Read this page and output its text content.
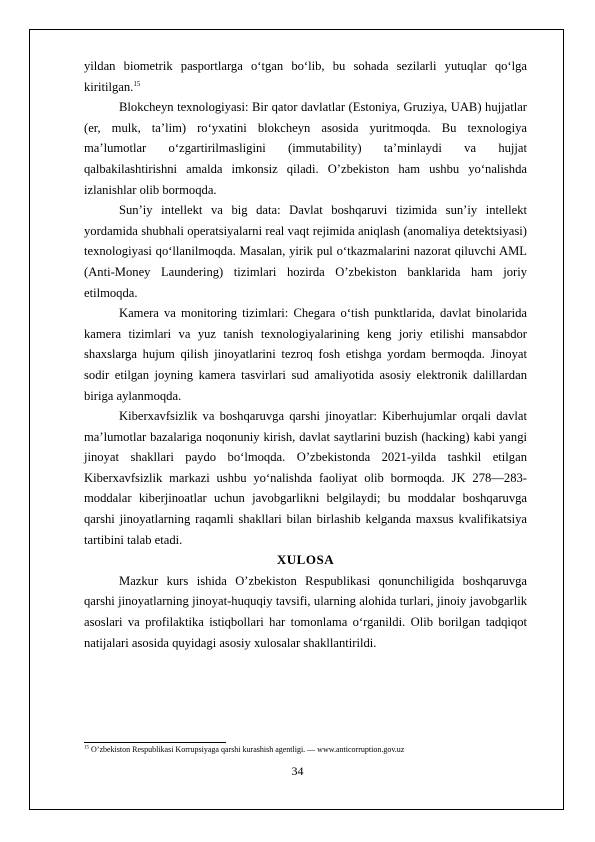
yildan biometrik pasportlarga o‘tgan bo‘lib, bu sohada sezilarli yutuqlar qo‘lga kiritilgan.$^{15}$

Blokcheyn texnologiyasi: Bir qator davlatlar (Estoniya, Gruziya, UAB) hujjatlar (er, mulk, ta’lim) ro‘yxatini blokcheyn asosida yuritmoqda. Bu texnologiya ma’lumotlar o‘zgartirilmasligini (immutability) ta’minlaydi va hujjat qalbakilashtirishni amalda imkonsiz qiladi. O’zbekiston ham ushbu yo‘nalishda izlanishlar olib bormoqda.

Sun’iy intellekt va big data: Davlat boshqaruvi tizimida sun’iy intellekt yordamida shubhali operatsiyalarni real vaqt rejimida aniqlash (anomaliya detektsiyasi) texnologiyasi qo‘llanilmoqda. Masalan, yirik pul o‘tkazmalarini nazorat qiluvchi AML (Anti-Money Laundering) tizimlari hozirda O’zbekiston banklarida ham joriy etilmoqda.

Kamera va monitoring tizimlari: Chegara o‘tish punktlarida, davlat binolarida kamera tizimlari va yuz tanish texnologiyalarining keng joriy etilishi mansabdor shaxslarga hujum qilish jinoyatlarini tezroq fosh etishga yordam bermoqda. Jinoyat sodir etilgan joyning kamera tasvirlari sud amaliyotida asosiy elektronik dalillardan biriga aylanmoqda.

Kiberxavfsizlik va boshqaruvga qarshi jinoyatlar: Kiberhujumlar orqali davlat ma’lumotlar bazalariga noqonuniy kirish, davlat saytlarini buzish (hacking) kabi yangi jinoyat shakllari paydo bo‘lmoqda. O’zbekistonda 2021-yilda tashkil etilgan Kiberxavfsizlik markazi ushbu yo‘nalishda faoliyat olib bormoqda. JK 278—283-moddalar kiberjinoatlar uchun javobgarlikni belgilaydi; bu moddalar boshqaruvga qarshi jinoyatlarning raqamli shakllari bilan birlashib kelganda maxsus kvalifikatsiya tartibini talab etadi.

XULOSA

Mazkur kurs ishida O’zbekiston Respublikasi qonunchiligida boshqaruvga qarshi jinoyatlarning jinoyat-huquqiy tavsifi, ularning alohida turlari, jinoiy javobgarlik asoslari va profilaktika istiqbollari har tomonlama o‘rganildi. Olib borilgan tadqiqot natijalari asosida quyidagi asosiy xulosalar shakllantirildi.

$^{15}$ O’zbekiston Respublikasi Korrupsiyaga qarshi kurashish agentligi. — www.anticorruption.gov.uz
34
